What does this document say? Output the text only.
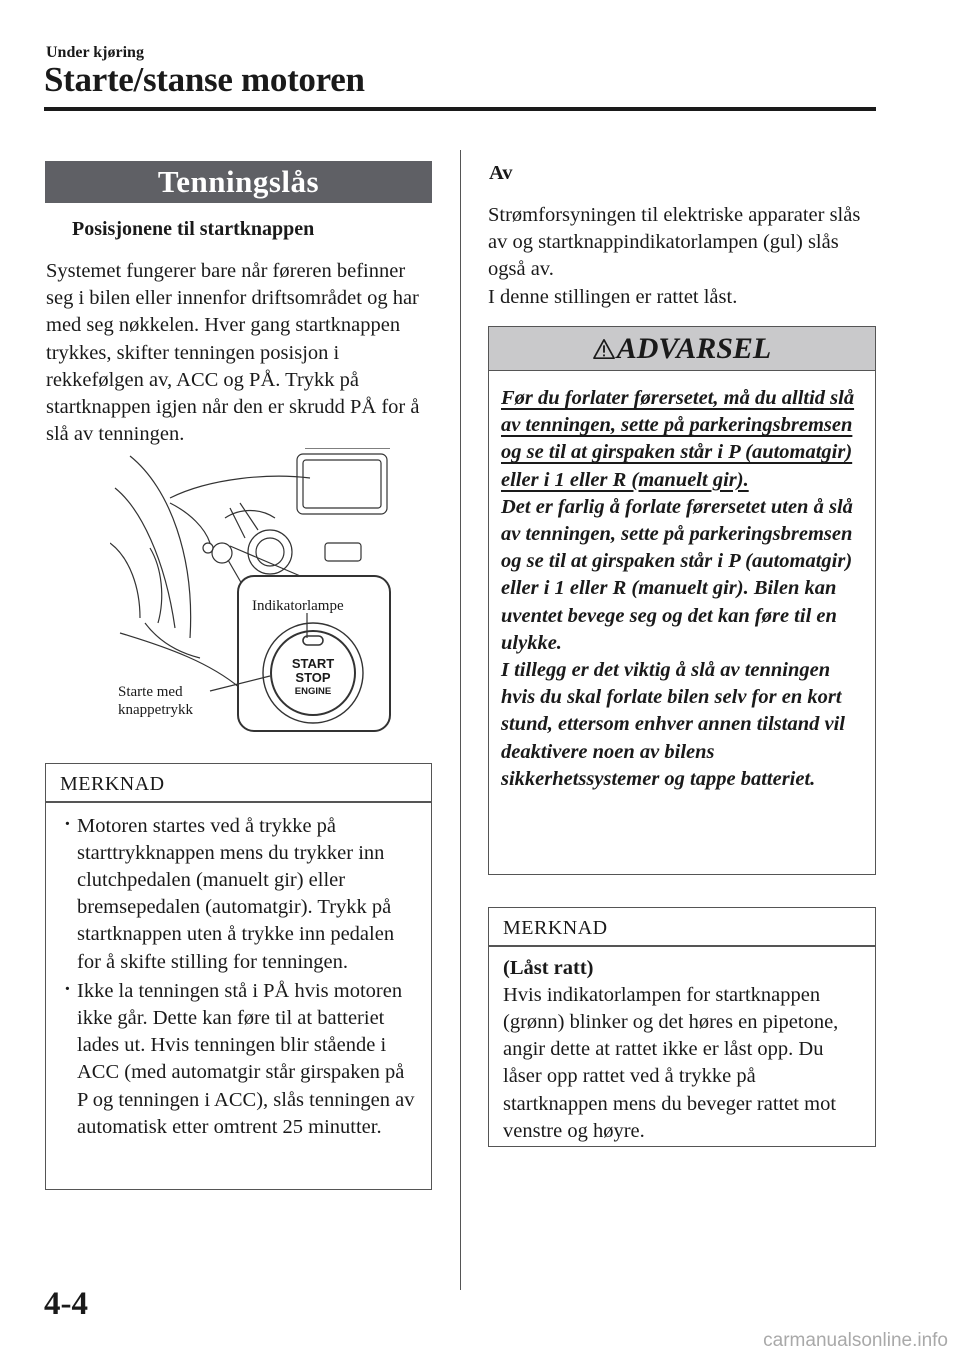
Under kjøring
Starte/stanse motoren
Tenningslås
Posisjonene til startknappen
Systemet fungerer bare når føreren befinner seg i bilen eller innenfor driftsområdet og har med seg nøkkelen. Hver gang startknappen trykkes, skifter tenningen posisjon i rekkefølgen av, ACC og PÅ. Trykk på startknappen igjen når den er skrudd PÅ for å slå av tenningen.
Indikatorlampe
Starte med
knappetrykk
START
STOP
ENGINE
MERKNAD
· Motoren startes ved å trykke på starttrykknappen mens du trykker inn clutchpedalen (manuelt gir) eller bremsepedalen (automatgir). Trykk på startknappen uten å trykke inn pedalen for å skifte stilling for tenningen.
· Ikke la tenningen stå i PÅ hvis motoren ikke går. Dette kan føre til at batteriet lades ut. Hvis tenningen blir stående i ACC (med automatgir står girspaken på P og tenningen i ACC), slås tenningen av automatisk etter omtrent 25 minutter.
Av
Strømforsyningen til elektriske apparater slås av og startknappindikatorlampen (gul) slås også av.
I denne stillingen er rattet låst.
ADVARSEL
Før du forlater førersetet, må du alltid slå av tenningen, sette på parkeringsbremsen og se til at girspaken står i P (automatgir) eller i 1 eller R (manuelt gir).
Det er farlig å forlate førersetet uten å slå av tenningen, sette på parkeringsbremsen og se til at girspaken står i P (automatgir) eller i 1 eller R (manuelt gir). Bilen kan uventet bevege seg og det kan føre til en ulykke.
I tillegg er det viktig å slå av tenningen hvis du skal forlate bilen selv for en kort stund, ettersom enhver annen tilstand vil deaktivere noen av bilens sikkerhetssystemer og tappe batteriet.
MERKNAD
(Låst ratt)
Hvis indikatorlampen for startknappen (grønn) blinker og det høres en pipetone, angir dette at rattet ikke er låst opp. Du låser opp rattet ved å trykke på startknappen mens du beveger rattet mot venstre og høyre.
4-4
carmanualsonline.info
